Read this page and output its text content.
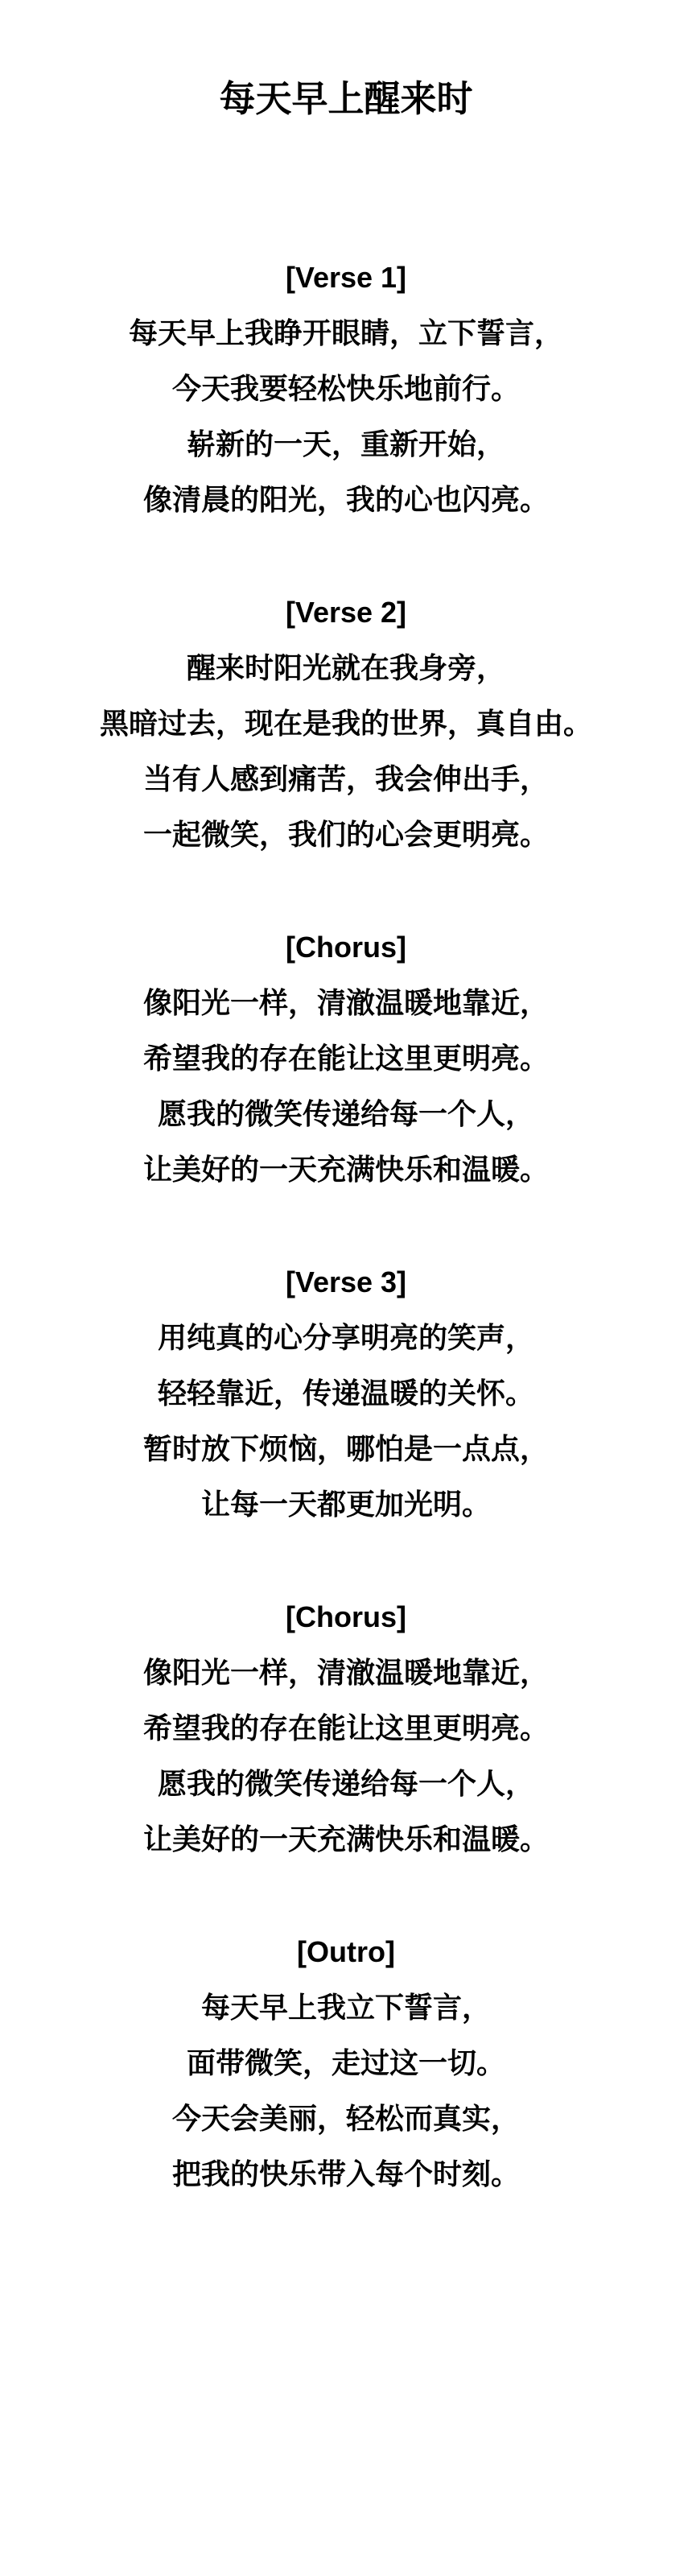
每天早上醒来时

[Verse 1]

每天早上我睁开眼睛，立下誓言，

今天我要轻松快乐地前行。

崭新的一天，重新开始，

像清晨的阳光，我的心也闪亮。

[Verse 2]

醒来时阳光就在我身旁，

黑暗过去，现在是我的世界，真自由。

当有人感到痛苦，我会伸出手，

一起微笑，我们的心会更明亮。

[Chorus]

像阳光一样，清澈温暖地靠近，

希望我的存在能让这里更明亮。

愿我的微笑传递给每一个人，

让美好的一天充满快乐和温暖。

[Verse 3]

用纯真的心分享明亮的笑声，

轻轻靠近，传递温暖的关怀。

暂时放下烦恼，哪怕是一点点，

让每一天都更加光明。

[Chorus]

像阳光一样，清澈温暖地靠近，

希望我的存在能让这里更明亮。

愿我的微笑传递给每一个人，

让美好的一天充满快乐和温暖。

[Outro]

每天早上我立下誓言，

面带微笑，走过这一切。

今天会美丽，轻松而真实，

把我的快乐带入每个时刻。
